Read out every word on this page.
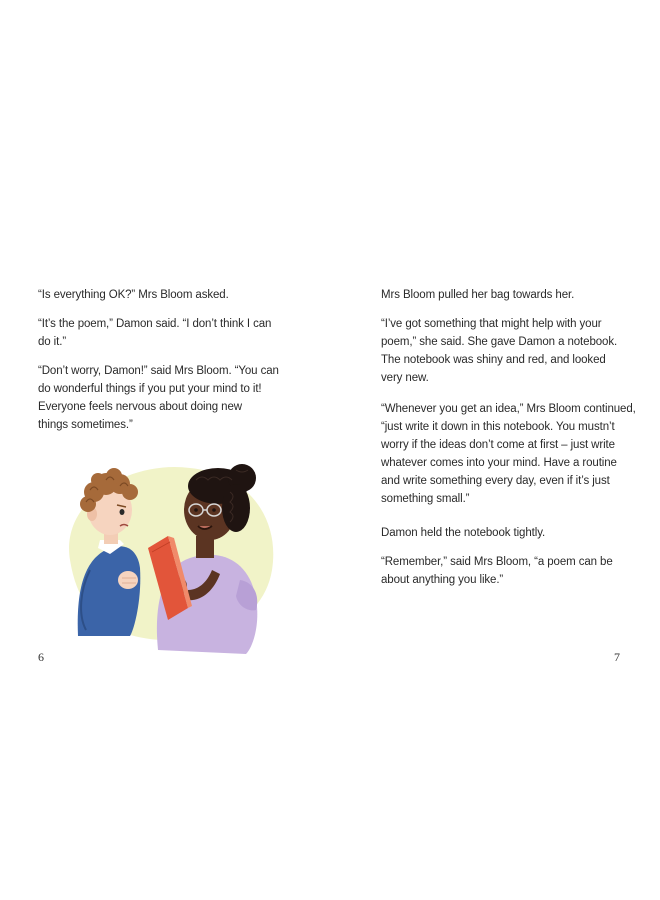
“Is everything OK?” Mrs Bloom asked.

“It’s the poem,” Damon said. “I don’t think I can
do it.”

“Don’t worry, Damon!” said Mrs Bloom. “You can
do wonderful things if you put your mind to it!
Everyone feels nervous about doing new
things sometimes.”

6

Mrs Bloom pulled her bag towards her.

“I’ve got something that might help with your
poem,” she said. She gave Damon a notebook.
The notebook was shiny and red, and looked
very new.

“Whenever you get an idea,” Mrs Bloom continued,
“just write it down in this notebook. You mustn’t
worry if the ideas don’t come at first – just write
whatever comes into your mind. Have a routine
and write something every day, even if it’s just
something small.”

Damon held the notebook tightly.

“Remember,” said Mrs Bloom, “a poem can be
about anything you like.”

7
